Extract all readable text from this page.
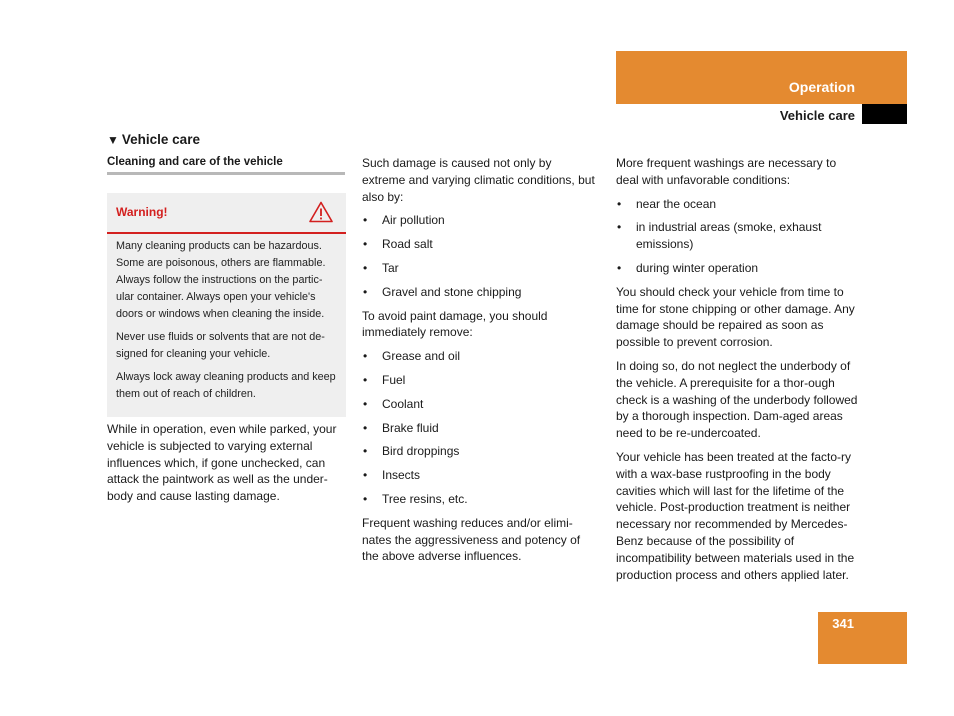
Operation
Vehicle care
▼ Vehicle care
Cleaning and care of the vehicle
Warning!

Many cleaning products can be hazardous. Some are poisonous, others are flammable. Always follow the instructions on the partic-ular container. Always open your vehicle's doors or windows when cleaning the inside.

Never use fluids or solvents that are not de-signed for cleaning your vehicle.

Always lock away cleaning products and keep them out of reach of children.

While in operation, even while parked, your vehicle is subjected to varying external influences which, if gone unchecked, can attack the paintwork as well as the under-body and cause lasting damage.

Such damage is caused not only by extreme and varying climatic conditions, but also by:

• Air pollution
• Road salt
• Tar
• Gravel and stone chipping

To avoid paint damage, you should immediately remove:

• Grease and oil
• Fuel
• Coolant
• Brake fluid
• Bird droppings
• Insects
• Tree resins, etc.

Frequent washing reduces and/or elimi-nates the aggressiveness and potency of the above adverse influences.

More frequent washings are necessary to deal with unfavorable conditions:

• near the ocean
• in industrial areas (smoke, exhaust emissions)
• during winter operation

You should check your vehicle from time to time for stone chipping or other damage. Any damage should be repaired as soon as possible to prevent corrosion.

In doing so, do not neglect the underbody of the vehicle. A prerequisite for a thor-ough check is a washing of the underbody followed by a thorough inspection. Dam-aged areas need to be re-undercoated.

Your vehicle has been treated at the facto-ry with a wax-base rustproofing in the body cavities which will last for the lifetime of the vehicle. Post-production treatment is neither necessary nor recommended by Mercedes-Benz because of the possibility of incompatibility between materials used in the production process and others applied later.

341
